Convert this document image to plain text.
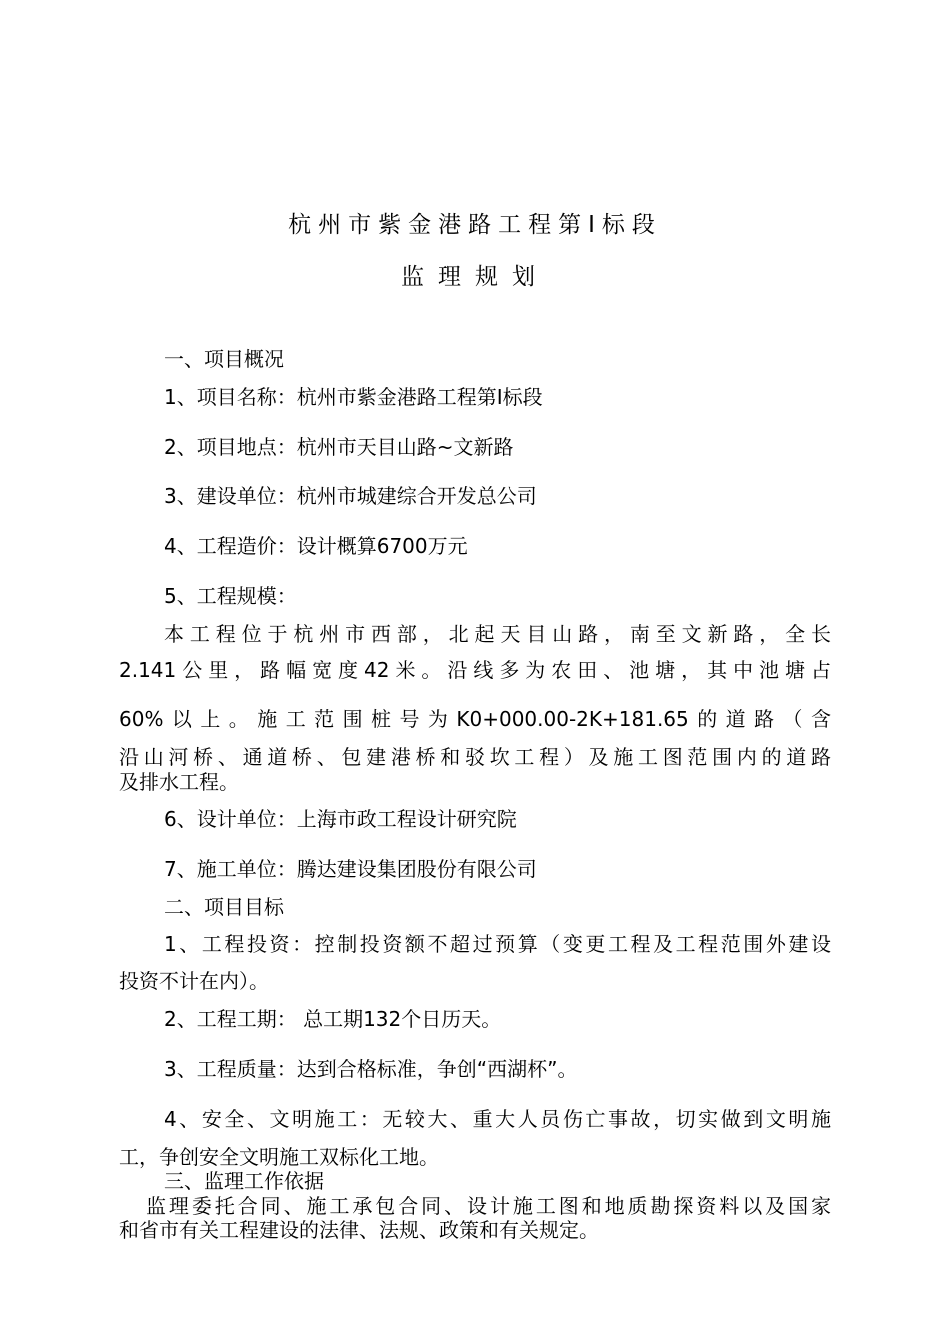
杭州市紫金港路工程第Ⅰ标段
监理规划
一、项目概况
1、项目名称：杭州市紫金港路工程第Ⅰ标段
2、项目地点：杭州市天目山路~文新路
3、建设单位：杭州市城建综合开发总公司
4、工程造价：设计概算6700万元
5、工程规模：
本工程位于杭州市西部，北起天目山路，南至文新路，全长
2.141公里，路幅宽度42米。沿线多为农田、池塘，其中池塘占
60%以上。施工范围桩号为K0+000.00-2K+181.65的道路（含
沿山河桥、通道桥、包建港桥和驳坎工程）及施工图范围内的道路
及排水工程。
6、设计单位：上海市政工程设计研究院
7、施工单位：腾达建设集团股份有限公司
二、项目目标
1、工程投资：控制投资额不超过预算（变更工程及工程范围外建设
投资不计在内）。
2、工程工期： 总工期132个日历天。
3、工程质量：达到合格标准，争创“西湖杯”。
4、安全、文明施工：无较大、重大人员伤亡事故，切实做到文明施
工，争创安全文明施工双标化工地。
三、监理工作依据
监理委托合同、施工承包合同、设计施工图和地质勘探资料以及国家
和省市有关工程建设的法律、法规、政策和有关规定。
